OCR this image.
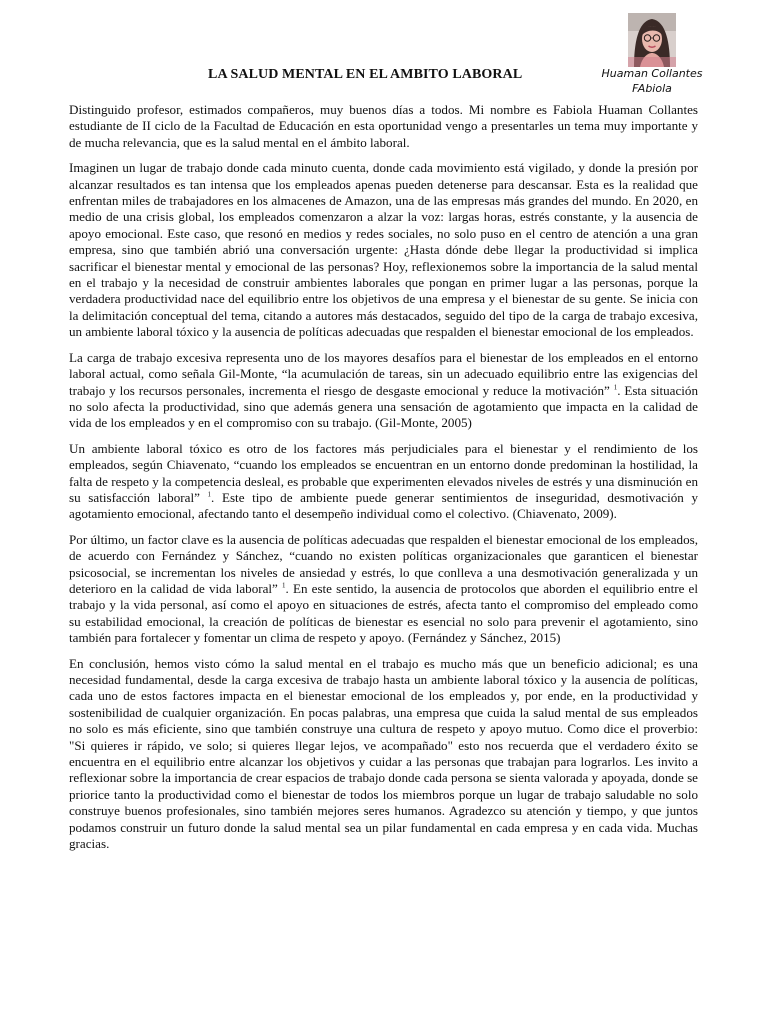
LA SALUD MENTAL EN EL AMBITO LABORAL	Huaman Collantes
FAbiola

Distinguido profesor, estimados compañeros, muy buenos días a todos. Mi nombre es Fabiola Huaman Collantes estudiante de II ciclo de la Facultad de Educación en esta oportunidad vengo a presentarles un tema muy importante y de mucha relevancia, que es la salud mental en el ámbito laboral.

Imaginen un lugar de trabajo donde cada minuto cuenta, donde cada movimiento está vigilado, y donde la presión por alcanzar resultados es tan intensa que los empleados apenas pueden detenerse para descansar. Esta es la realidad que enfrentan miles de trabajadores en los almacenes de Amazon, una de las empresas más grandes del mundo. En 2020, en medio de una crisis global, los empleados comenzaron a alzar la voz: largas horas, estrés constante, y la ausencia de apoyo emocional. Este caso, que resonó en medios y redes sociales, no solo puso en el centro de atención a una gran empresa, sino que también abrió una conversación urgente: ¿Hasta dónde debe llegar la productividad si implica sacrificar el bienestar mental y emocional de las personas? Hoy, reflexionemos sobre la importancia de la salud mental en el trabajo y la necesidad de construir ambientes laborales que pongan en primer lugar a las personas, porque la verdadera productividad nace del equilibrio entre los objetivos de una empresa y el bienestar de su gente. Se inicia con la delimitación conceptual del tema, citando a autores más destacados, seguido del tipo de la carga de trabajo excesiva, un ambiente laboral tóxico y la ausencia de políticas adecuadas que respalden el bienestar emocional de los empleados.

La carga de trabajo excesiva representa uno de los mayores desafíos para el bienestar de los empleados en el entorno laboral actual, como señala Gil-Monte, “la acumulación de tareas, sin un adecuado equilibrio entre las exigencias del trabajo y los recursos personales, incrementa el riesgo de desgaste emocional y reduce la motivación” $^1$. Esta situación no solo afecta la productividad, sino que además genera una sensación de agotamiento que impacta en la calidad de vida de los empleados y en el compromiso con su trabajo. (Gil-Monte, 2005)

Un ambiente laboral tóxico es otro de los factores más perjudiciales para el bienestar y el rendimiento de los empleados, según Chiavenato, “cuando los empleados se encuentran en un entorno donde predominan la hostilidad, la falta de respeto y la competencia desleal, es probable que experimenten elevados niveles de estrés y una disminución en su satisfacción laboral” $^1$. Este tipo de ambiente puede generar sentimientos de inseguridad, desmotivación y agotamiento emocional, afectando tanto el desempeño individual como el colectivo. (Chiavenato, 2009).

Por último, un factor clave es la ausencia de políticas adecuadas que respalden el bienestar emocional de los empleados, de acuerdo con Fernández y Sánchez, “cuando no existen políticas organizacionales que garanticen el bienestar psicosocial, se incrementan los niveles de ansiedad y estrés, lo que conlleva a una desmotivación generalizada y un deterioro en la calidad de vida laboral” $^1$. En este sentido, la ausencia de protocolos que aborden el equilibrio entre el trabajo y la vida personal, así como el apoyo en situaciones de estrés, afecta tanto el compromiso del empleado como su estabilidad emocional, la creación de políticas de bienestar es esencial no solo para prevenir el agotamiento, sino también para fortalecer y fomentar un clima de respeto y apoyo. (Fernández y Sánchez, 2015)

En conclusión, hemos visto cómo la salud mental en el trabajo es mucho más que un beneficio adicional; es una necesidad fundamental, desde la carga excesiva de trabajo hasta un ambiente laboral tóxico y la ausencia de políticas, cada uno de estos factores impacta en el bienestar emocional de los empleados y, por ende, en la productividad y sostenibilidad de cualquier organización. En pocas palabras, una empresa que cuida la salud mental de sus empleados no solo es más eficiente, sino que también construye una cultura de respeto y apoyo mutuo. Como dice el proverbio: "Si quieres ir rápido, ve solo; si quieres llegar lejos, ve acompañado" esto nos recuerda que el verdadero éxito se encuentra en el equilibrio entre alcanzar los objetivos y cuidar a las personas que trabajan para lograrlos. Les invito a reflexionar sobre la importancia de crear espacios de trabajo donde cada persona se sienta valorada y apoyada, donde se priorice tanto la productividad como el bienestar de todos los miembros porque un lugar de trabajo saludable no solo construye buenos profesionales, sino también mejores seres humanos. Agradezco su atención y tiempo, y que juntos podamos construir un futuro donde la salud mental sea un pilar fundamental en cada empresa y en cada vida. Muchas gracias.
